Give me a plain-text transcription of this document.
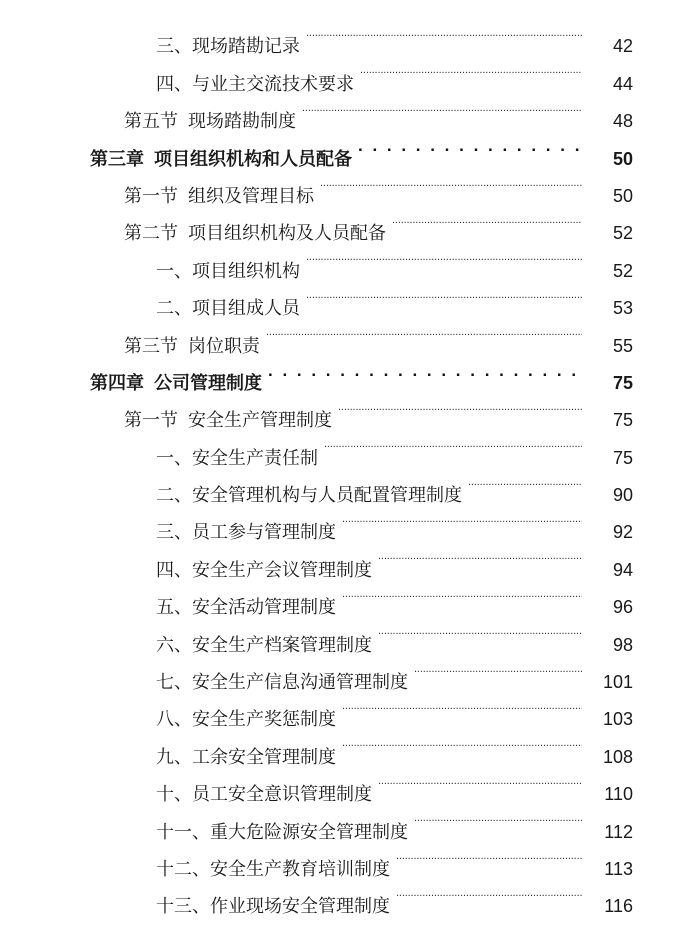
三、现场踏勘记录 . . .	42
四、与业主交流技术要求 . . .	44
第五节 现场踏勘制度 . . .	48
第三章 项目组织机构和人员配备 . . .	50
第一节 组织及管理目标 . . .	50
第二节 项目组织机构及人员配备 . . .	52
一、项目组织机构 . . .	52
二、项目组成人员 . . .	53
第三节 岗位职责 . . .	55
第四章 公司管理制度 . . .	75
第一节 安全生产管理制度 . . .	75
一、安全生产责任制 . . .	75
二、安全管理机构与人员配置管理制度 . . .	90
三、员工参与管理制度 . . .	92
四、安全生产会议管理制度 . . .	94
五、安全活动管理制度 . . .	96
六、安全生产档案管理制度 . . .	98
七、安全生产信息沟通管理制度 . . .	101
八、安全生产奖惩制度 . . .	103
九、工余安全管理制度 . . .	108
十、员工安全意识管理制度 . . .	110
十一、重大危险源安全管理制度 . . .	112
十二、安全生产教育培训制度 . . .	113
十三、作业现场安全管理制度 . . .	116
